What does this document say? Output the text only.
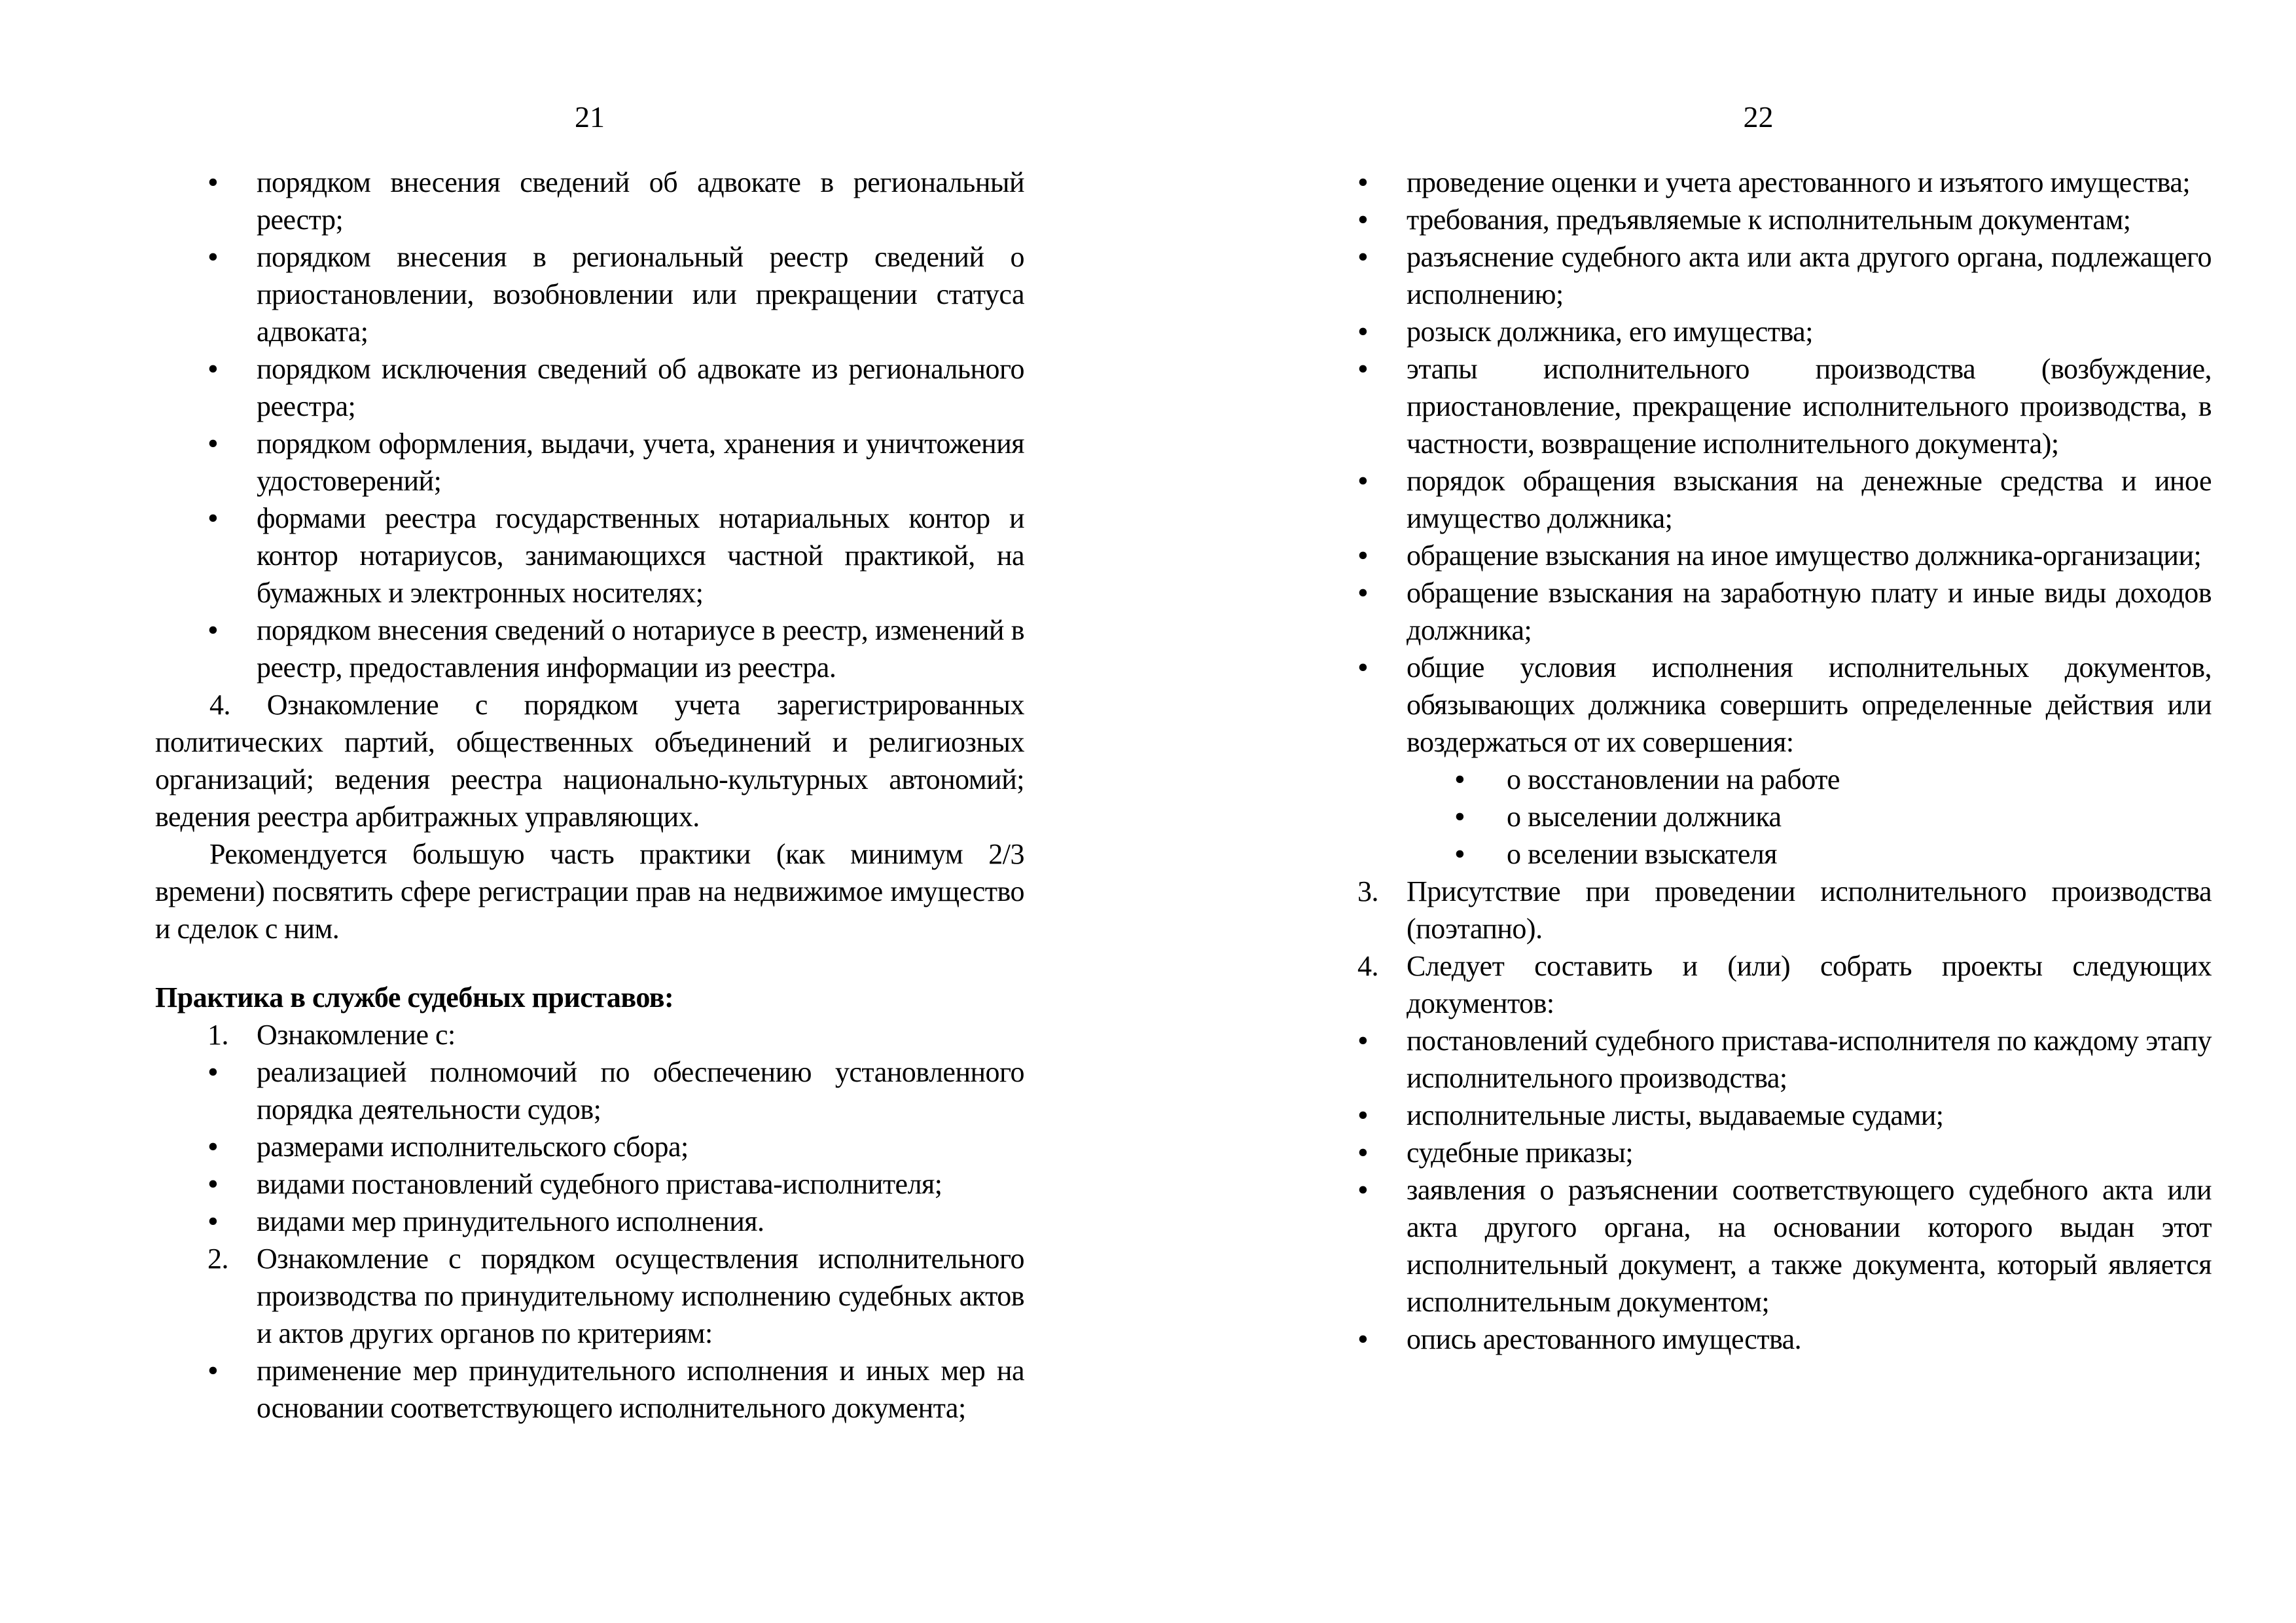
21
•	порядком внесения сведений об адвокате в региональный реестр;
•	порядком внесения в региональный реестр сведений о приостановлении, возобновлении или прекращении статуса адвоката;
•	порядком исключения сведений об адвокате из регионального реестра;
•	порядком оформления, выдачи, учета, хранения и уничтожения удостоверений;
•	формами реестра государственных нотариальных контор и контор нотариусов, занимающихся частной практикой, на бумажных и электронных носителях;
•	порядком внесения сведений о нотариусе в реестр, изменений в реестр, предоставления информации из реестра.
4. Ознакомление с порядком учета зарегистрированных политических партий, общественных объединений и религиозных организаций; ведения реестра национально-культурных автономий; ведения реестра арбитражных управляющих.
Рекомендуется большую часть практики (как минимум 2/3 времени) посвятить сфере регистрации прав на недвижимое имущество и сделок с ним.
Практика в службе судебных приставов:
1. Ознакомление с:
•	реализацией полномочий по обеспечению установленного порядка деятельности судов;
•	размерами исполнительского сбора;
•	видами постановлений судебного пристава-исполнителя;
•	видами мер принудительного исполнения.
2. Ознакомление с порядком осуществления исполнительного производства по принудительному исполнению судебных актов и актов других органов по критериям:
•	применение мер принудительного исполнения и иных мер на основании соответствующего исполнительного документа;
22
•	проведение оценки и учета арестованного и изъятого имущества;
•	требования, предъявляемые к исполнительным документам;
•	разъяснение судебного акта или акта другого органа, подлежащего исполнению;
•	розыск должника, его имущества;
•	этапы исполнительного производства (возбуждение, приостановление, прекращение исполнительного производства, в частности, возвращение исполнительного документа);
•	порядок обращения взыскания на денежные средства и иное имущество должника;
•	обращение взыскания на иное имущество должника-организации;
•	обращение взыскания на заработную плату и иные виды доходов должника;
•	общие условия исполнения исполнительных документов, обязывающих должника совершить определенные действия или воздержаться от их совершения:
•	о восстановлении на работе
•	о выселении должника
•	о вселении взыскателя
3. Присутствие при проведении исполнительного производства (поэтапно).
4. Следует составить и (или) собрать проекты следующих документов:
•	постановлений судебного пристава-исполнителя по каждому этапу исполнительного производства;
•	исполнительные листы, выдаваемые судами;
•	судебные приказы;
•	заявления о разъяснении соответствующего судебного акта или акта другого органа, на основании которого выдан этот исполнительный документ, а также документа, который является исполнительным документом;
•	опись арестованного имущества.
